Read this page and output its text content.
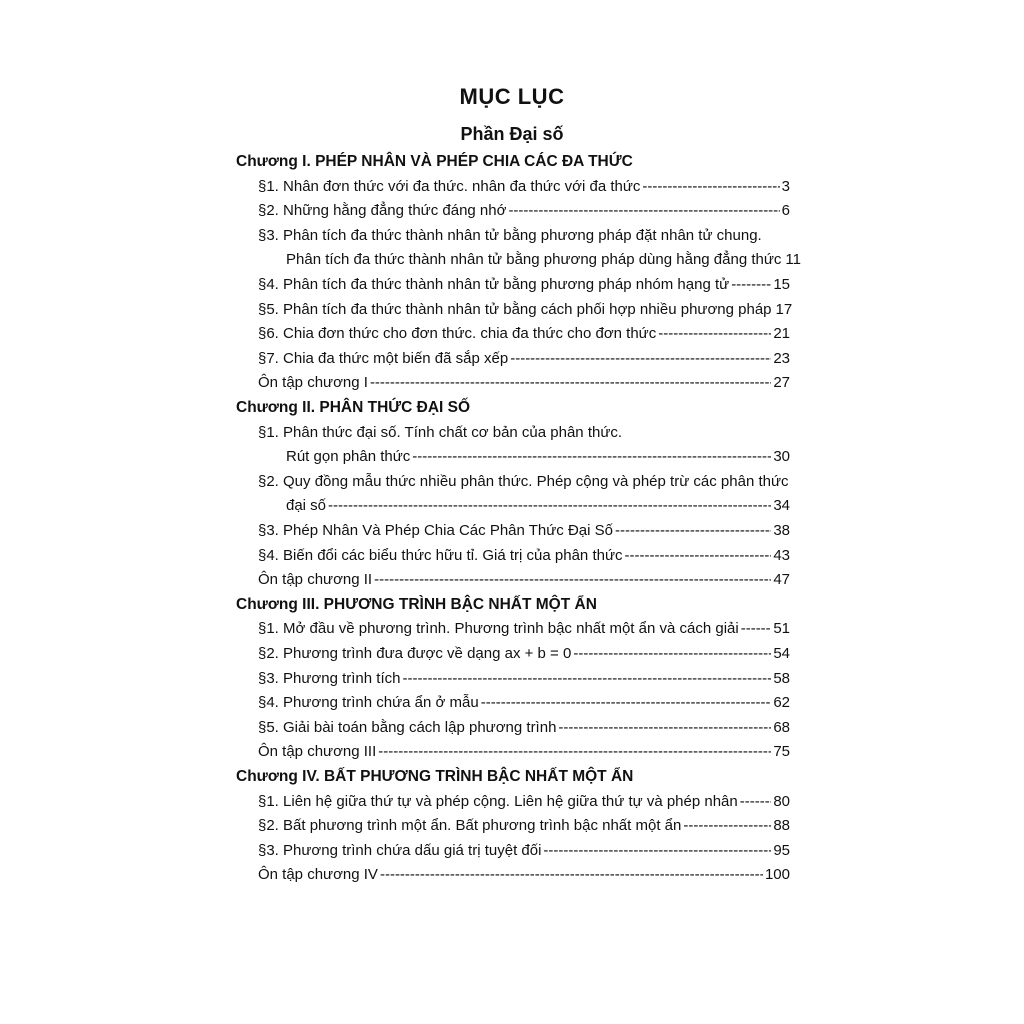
MỤC LỤC
Phần Đại số
Chương I. PHÉP NHÂN VÀ PHÉP CHIA CÁC ĐA THỨC
§1. Nhân đơn thức với đa thức. nhân đa thức với đa thức -----	3
§2. Những hằng đẳng thức đáng nhớ -----	6
§3. Phân tích đa thức thành nhân tử bằng phương pháp đặt nhân tử chung.
Phân tích đa thức thành nhân tử bằng phương pháp dùng hằng đẳng thức 11
§4. Phân tích đa thức thành nhân tử bằng phương pháp nhóm hạng tử -----	15
§5. Phân tích đa thức thành nhân tử bằng cách phối hợp nhiều phương pháp 17
§6. Chia đơn thức cho đơn thức. chia đa thức cho đơn thức -----	21
§7. Chia đa thức một biến đã sắp xếp -----	23
Ôn tập chương I -----	27
Chương II. PHÂN THỨC ĐẠI SỐ
§1. Phân thức đại số. Tính chất cơ bản của phân thức.
Rút gọn phân thức -----	30
§2. Quy đồng mẫu thức nhiều phân thức. Phép cộng và phép trừ các phân thức
đại số -----	34
§3. Phép Nhân Và Phép Chia Các Phân Thức Đại Số -----	38
§4. Biến đổi các biểu thức hữu tỉ. Giá trị của phân thức -----	43
Ôn tập chương II -----	47
Chương III. PHƯƠNG TRÌNH BẬC NHẤT MỘT ẨN
§1. Mở đầu về phương trình. Phương trình bậc nhất một ẩn và cách giải ----- 51
§2. Phương trình đưa được về dạng ax + b = 0 -----	54
§3. Phương trình tích -----	58
§4. Phương trình chứa ẩn ở mẫu -----	62
§5. Giải bài toán bằng cách lập phương trình -----	68
Ôn tập chương III -----	75
Chương IV. BẤT PHƯƠNG TRÌNH BẬC NHẤT MỘT ẨN
§1. Liên hệ giữa thứ tự và phép cộng. Liên hệ giữa thứ tự và phép nhân ----- 80
§2. Bất phương trình một ẩn. Bất phương trình bậc nhất một ẩn -----	88
§3. Phương trình chứa dấu giá trị tuyệt đối -----	95
Ôn tập chương IV -----	100
